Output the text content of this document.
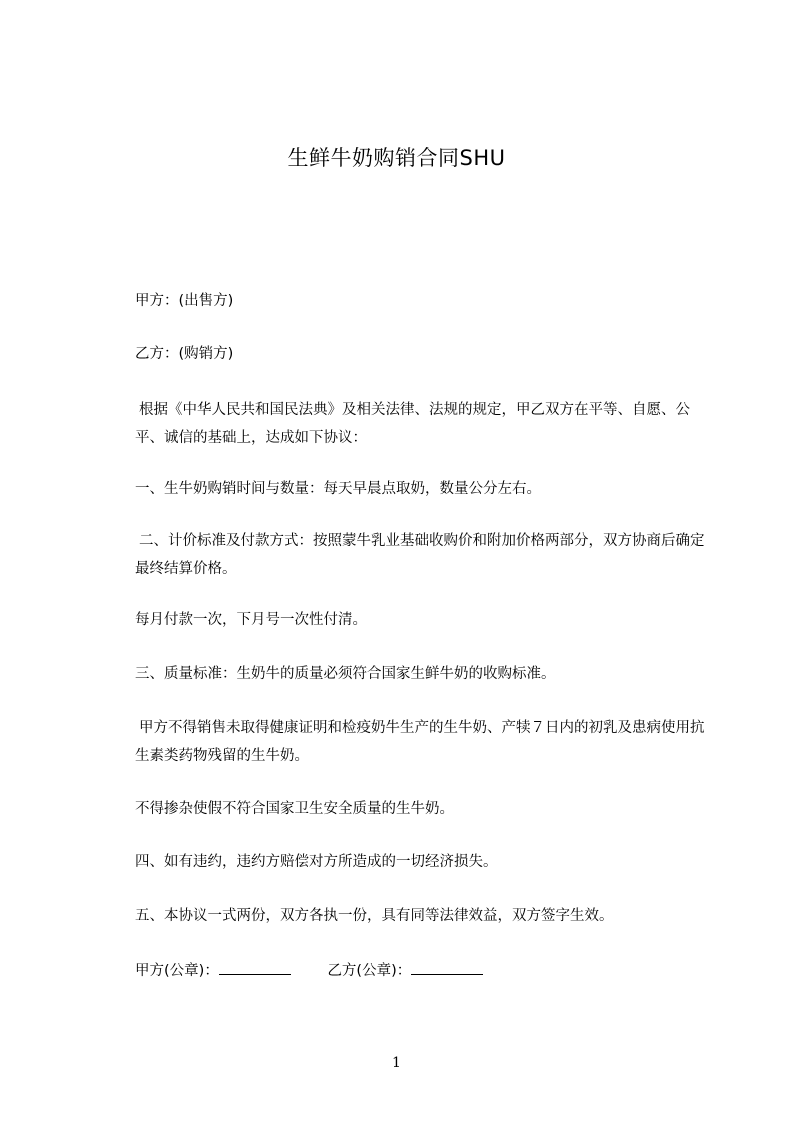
生鲜牛奶购销合同SHU
甲方：(出售方)
乙方：(购销方)
根据《中华人民共和国民法典》及相关法律、法规的规定，甲乙双方在平等、自愿、公平、诚信的基础上，达成如下协议：
一、生牛奶购销时间与数量：每天早晨点取奶，数量公分左右。
二、计价标准及付款方式：按照蒙牛乳业基础收购价和附加价格两部分，双方协商后确定最终结算价格。
每月付款一次，下月号一次性付清。
三、质量标准：生奶牛的质量必须符合国家生鲜牛奶的收购标准。
甲方不得销售未取得健康证明和检疫奶牛生产的生牛奶、产犊７日内的初乳及患病使用抗生素类药物残留的生牛奶。
不得掺杂使假不符合国家卫生安全质量的生牛奶。
四、如有违约，违约方赔偿对方所造成的一切经济损失。
五、本协议一式两份，双方各执一份，具有同等法律效益，双方签字生效。
甲方(公章)：	乙方(公章)：
1
